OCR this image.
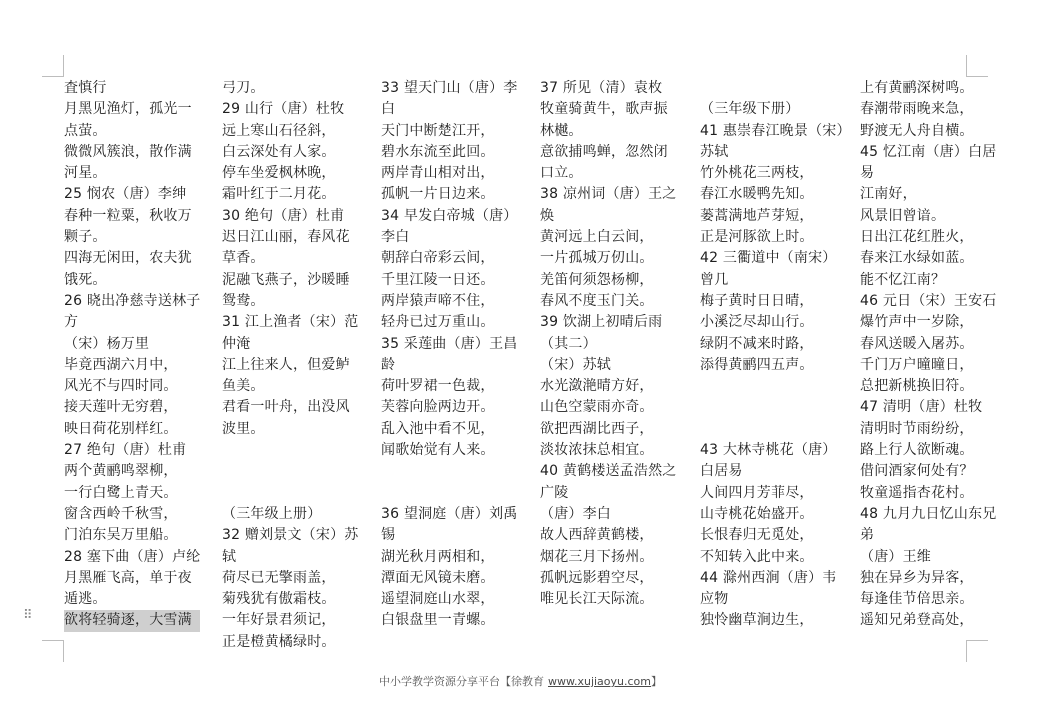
⠿
査慎行
月黑见渔灯，孤光一
点萤。
微微风簇浪，散作满
河星。
25 悯农（唐）李绅
春种一粒粟，秋收万
颗子。
四海无闲田，农夫犹
饿死。
26 晓出净慈寺送林子
方
（宋）杨万里
毕竟西湖六月中，
风光不与四时同。
接天莲叶无穷碧，
映日荷花别样红。
27 绝句（唐）杜甫
两个黄鹂鸣翠柳，
一行白鹭上青天。
窗含西岭千秋雪，
门泊东吴万里船。
28 塞下曲（唐）卢纶
月黑雁飞高，单于夜
遁逃。
欲将轻骑逐，大雪满
弓刀。
29 山行（唐）杜牧
远上寒山石径斜，
白云深处有人家。
停车坐爱枫林晚，
霜叶红于二月花。
30 绝句（唐）杜甫
迟日江山丽，春风花
草香。
泥融飞燕子，沙暖睡
鸳鸯。
31 江上渔者（宋）范
仲淹
江上往来人，但爱鲈
鱼美。
君看一叶舟，出没风
波里。
（三年级上册）
32 赠刘景文（宋）苏
轼
荷尽已无擎雨盖，
菊残犹有傲霜枝。
一年好景君须记，
正是橙黄橘绿时。
33 望天门山（唐）李
白
天门中断楚江开，
碧水东流至此回。
两岸青山相对出，
孤帆一片日边来。
34 早发白帝城（唐）
李白
朝辞白帝彩云间，
千里江陵一日还。
两岸猿声啼不住，
轻舟已过万重山。
35 采莲曲（唐）王昌
龄
荷叶罗裙一色裁，
芙蓉向脸两边开。
乱入池中看不见，
闻歌始觉有人来。
36 望洞庭（唐）刘禹
锡
湖光秋月两相和，
潭面无风镜未磨。
遥望洞庭山水翠，
白银盘里一青螺。
37 所见（清）袁枚
牧童骑黄牛，歌声振
林樾。
意欲捕鸣蝉，忽然闭
口立。
38 凉州词（唐）王之
焕
黄河远上白云间，
一片孤城万仞山。
羌笛何须怨杨柳，
春风不度玉门关。
39 饮湖上初晴后雨
（其二）
（宋）苏轼
水光潋滟晴方好，
山色空蒙雨亦奇。
欲把西湖比西子，
淡妆浓抹总相宜。
40 黄鹤楼送孟浩然之
广陵
（唐）李白
故人西辞黄鹤楼，
烟花三月下扬州。
孤帆远影碧空尽，
唯见长江天际流。
（三年级下册）
41 惠崇春江晚景（宋）
苏轼
竹外桃花三两枝，
春江水暖鸭先知。
蒌蒿满地芦芽短，
正是河豚欲上时。
42 三衢道中（南宋）
曾几
梅子黄时日日晴，
小溪泛尽却山行。
绿阴不减来时路，
添得黄鹂四五声。
43 大林寺桃花（唐）
白居易
人间四月芳菲尽，
山寺桃花始盛开。
长恨春归无觅处，
不知转入此中来。
44 滁州西涧（唐）韦
应物
独怜幽草涧边生，
上有黄鹂深树鸣。
春潮带雨晚来急，
野渡无人舟自横。
45 忆江南（唐）白居
易
江南好，
风景旧曾谙。
日出江花红胜火，
春来江水绿如蓝。
能不忆江南？
46 元日（宋）王安石
爆竹声中一岁除，
春风送暖入屠苏。
千门万户曈曈日，
总把新桃换旧符。
47 清明（唐）杜牧
清明时节雨纷纷，
路上行人欲断魂。
借问酒家何处有？
牧童遥指杏花村。
48 九月九日忆山东兄
弟
（唐）王维
独在异乡为异客，
每逢佳节倍思亲。
遥知兄弟登高处，
中小学教学资源分享平台【徐教育 www.xujiaoyu.com】
